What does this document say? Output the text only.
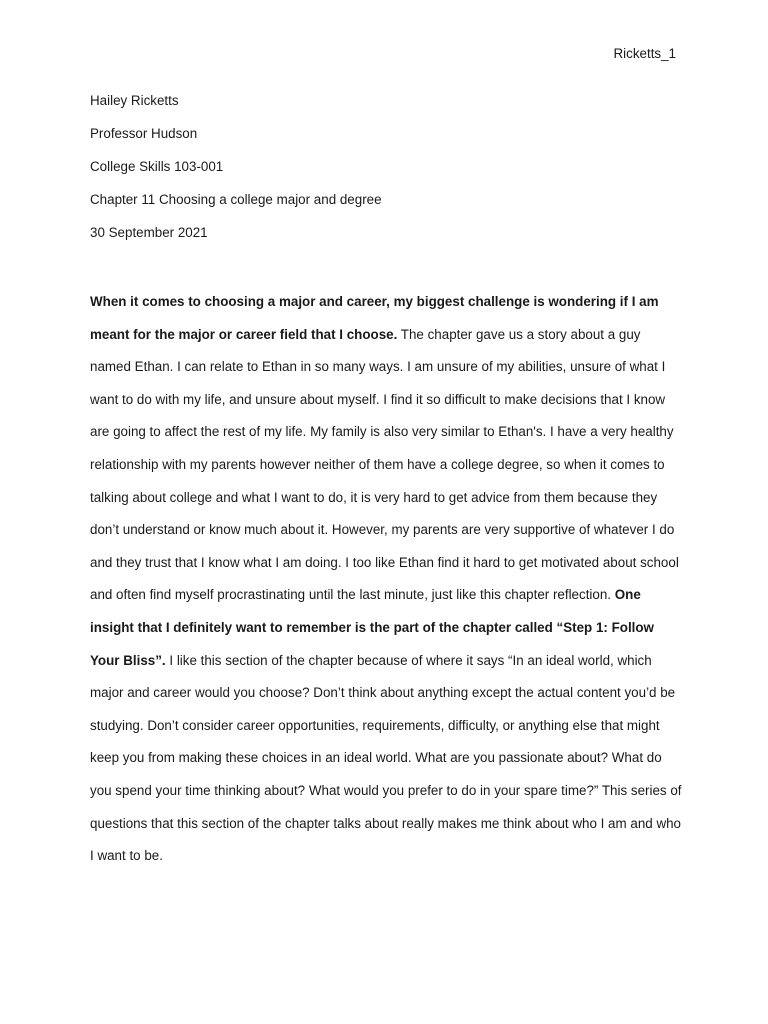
Ricketts_1
Hailey Ricketts
Professor Hudson
College Skills 103-001
Chapter 11 Choosing a college major and degree
30 September 2021

When it comes to choosing a major and career, my biggest challenge is wondering if I am meant for the major or career field that I choose. The chapter gave us a story about a guy named Ethan. I can relate to Ethan in so many ways. I am unsure of my abilities, unsure of what I want to do with my life, and unsure about myself. I find it so difficult to make decisions that I know are going to affect the rest of my life. My family is also very similar to Ethan's. I have a very healthy relationship with my parents however neither of them have a college degree, so when it comes to talking about college and what I want to do, it is very hard to get advice from them because they don’t understand or know much about it. However, my parents are very supportive of whatever I do and they trust that I know what I am doing. I too like Ethan find it hard to get motivated about school and often find myself procrastinating until the last minute, just like this chapter reflection. One insight that I definitely want to remember is the part of the chapter called “Step 1: Follow Your Bliss”. I like this section of the chapter because of where it says “In an ideal world, which major and career would you choose? Don’t think about anything except the actual content you’d be studying. Don’t consider career opportunities, requirements, difficulty, or anything else that might keep you from making these choices in an ideal world. What are you passionate about? What do you spend your time thinking about? What would you prefer to do in your spare time?” This series of questions that this section of the chapter talks about really makes me think about who I am and who I want to be.
